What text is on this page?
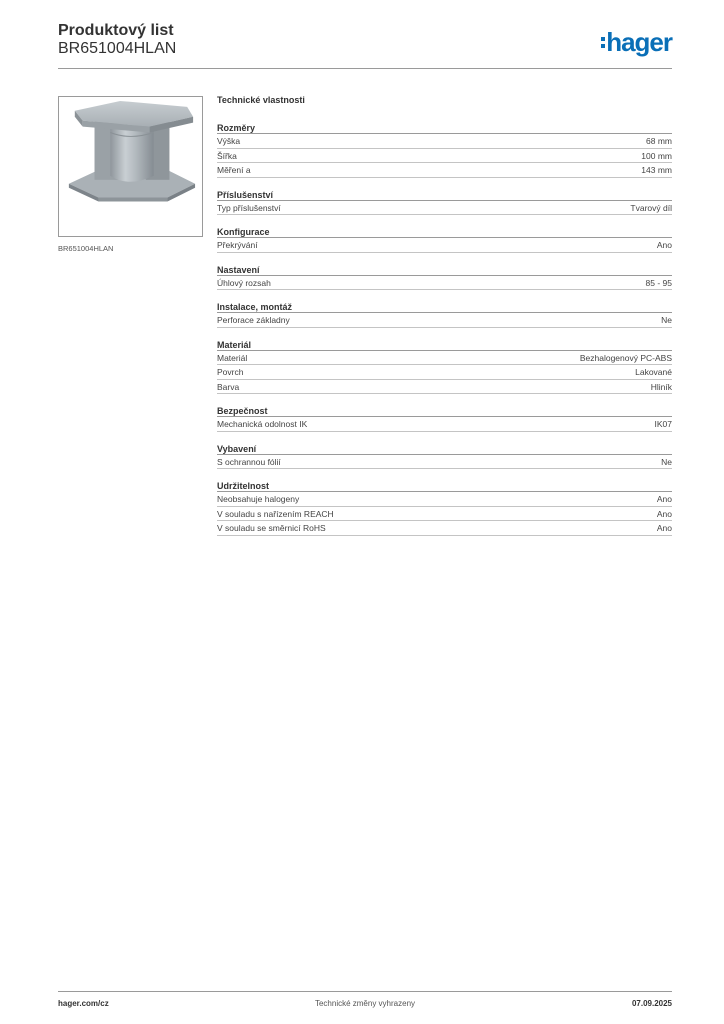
Produktový list
BR651004HLAN	hager
BR651004HLAN
Technické vlastnosti
Rozměry
Výška	68 mm
Šířka	100 mm
Měření a	143 mm
Příslušenství
Typ příslušenství	Tvarový díl
Konfigurace
Překrývání	Ano
Nastavení
Úhlový rozsah	85 - 95
Instalace, montáž
Perforace základny	Ne
Materiál
Materiál	Bezhalogenový PC-ABS
Povrch	Lakované
Barva	Hliník
Bezpečnost
Mechanická odolnost IK	IK07
Vybavení
S ochrannou fólií	Ne
Udržitelnost
Neobsahuje halogeny	Ano
V souladu s nařízením REACH	Ano
V souladu se směrnicí RoHS	Ano
hager.com/cz	Technické změny vyhrazeny	07.09.2025
